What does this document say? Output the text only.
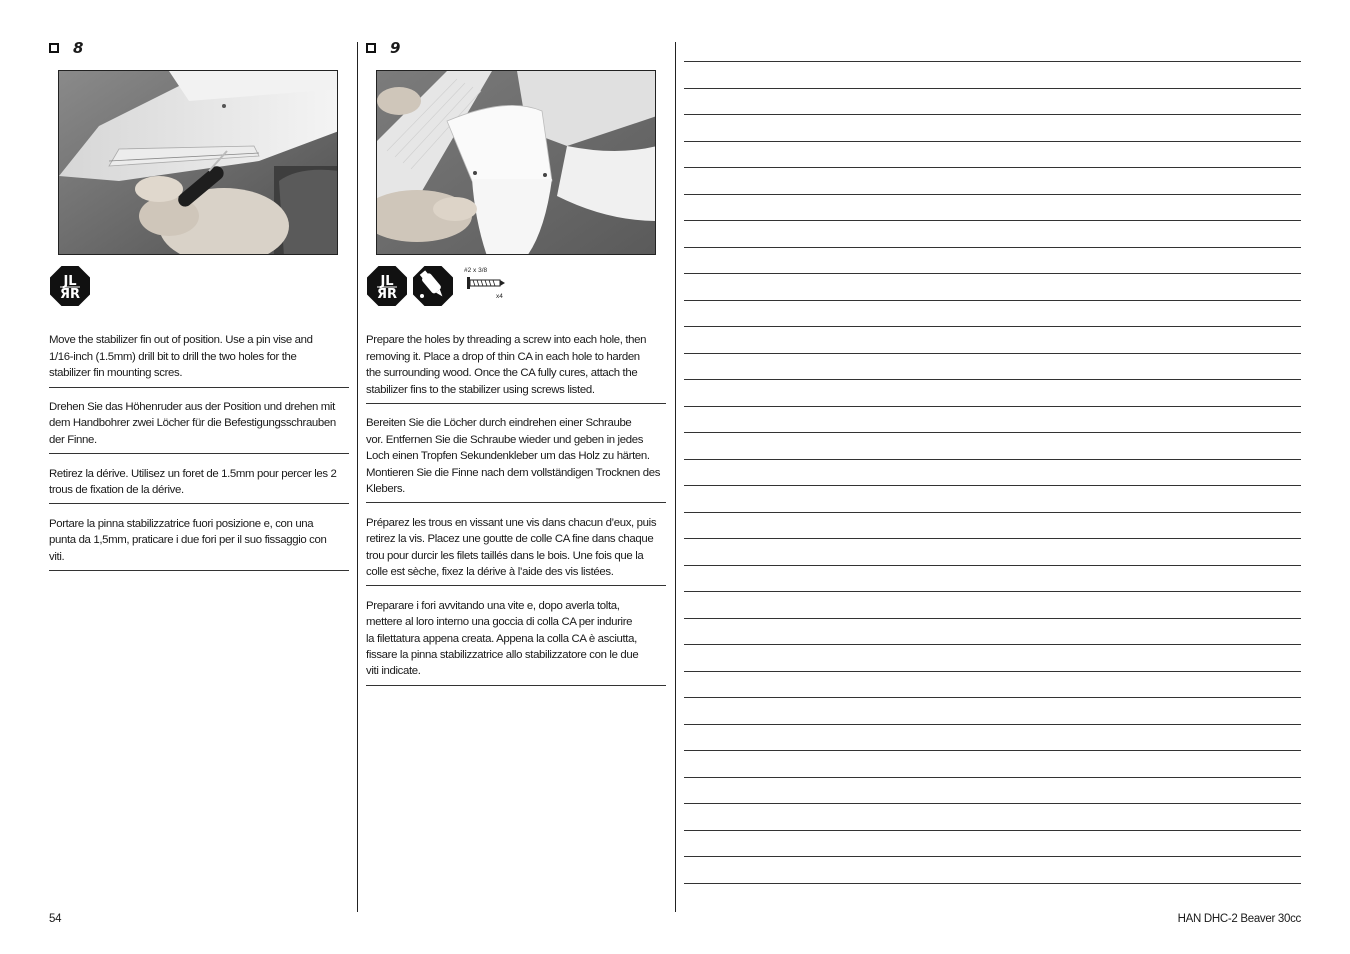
8
JL
ЯR

Move the stabilizer fin out of position. Use a pin vise and
1/16-inch (1.5mm) drill bit to drill the two holes for the
stabilizer fin mounting scres.

Drehen Sie das Höhenruder aus der Position und drehen mit
dem Handbohrer zwei Löcher für die Befestigungsschrauben
der Finne.

Retirez la dérive. Utilisez un foret de 1.5mm pour percer les 2
trous de fixation de la dérive.

Portare la pinna stabilizzatrice fuori posizione e, con una
punta da 1,5mm, praticare i due fori per il suo fissaggio con
viti.

9
JL
ЯR
#2 x 3/8
x4

Prepare the holes by threading a screw into each hole, then
removing it. Place a drop of thin CA in each hole to harden
the surrounding wood. Once the CA fully cures, attach the
stabilizer fins to the stabilizer using screws listed.

Bereiten Sie die Löcher durch eindrehen einer Schraube
vor. Entfernen Sie die Schraube wieder und geben in jedes
Loch einen Tropfen Sekundenkleber um das Holz zu härten.
Montieren Sie die Finne nach dem vollständigen Trocknen des
Klebers.

Préparez les trous en vissant une vis dans chacun d’eux, puis
retirez la vis. Placez une goutte de colle CA fine dans chaque
trou pour durcir les filets taillés dans le bois. Une fois que la
colle est sèche, fixez la dérive à l’aide des vis listées.

Preparare i fori avvitando una vite e, dopo averla tolta,
mettere al loro interno una goccia di colla CA per indurire
la filettatura appena creata. Appena la colla CA è asciutta,
fissare la pinna stabilizzatrice allo stabilizzatore con le due
viti indicate.

54	HAN DHC-2 Beaver 30cc
